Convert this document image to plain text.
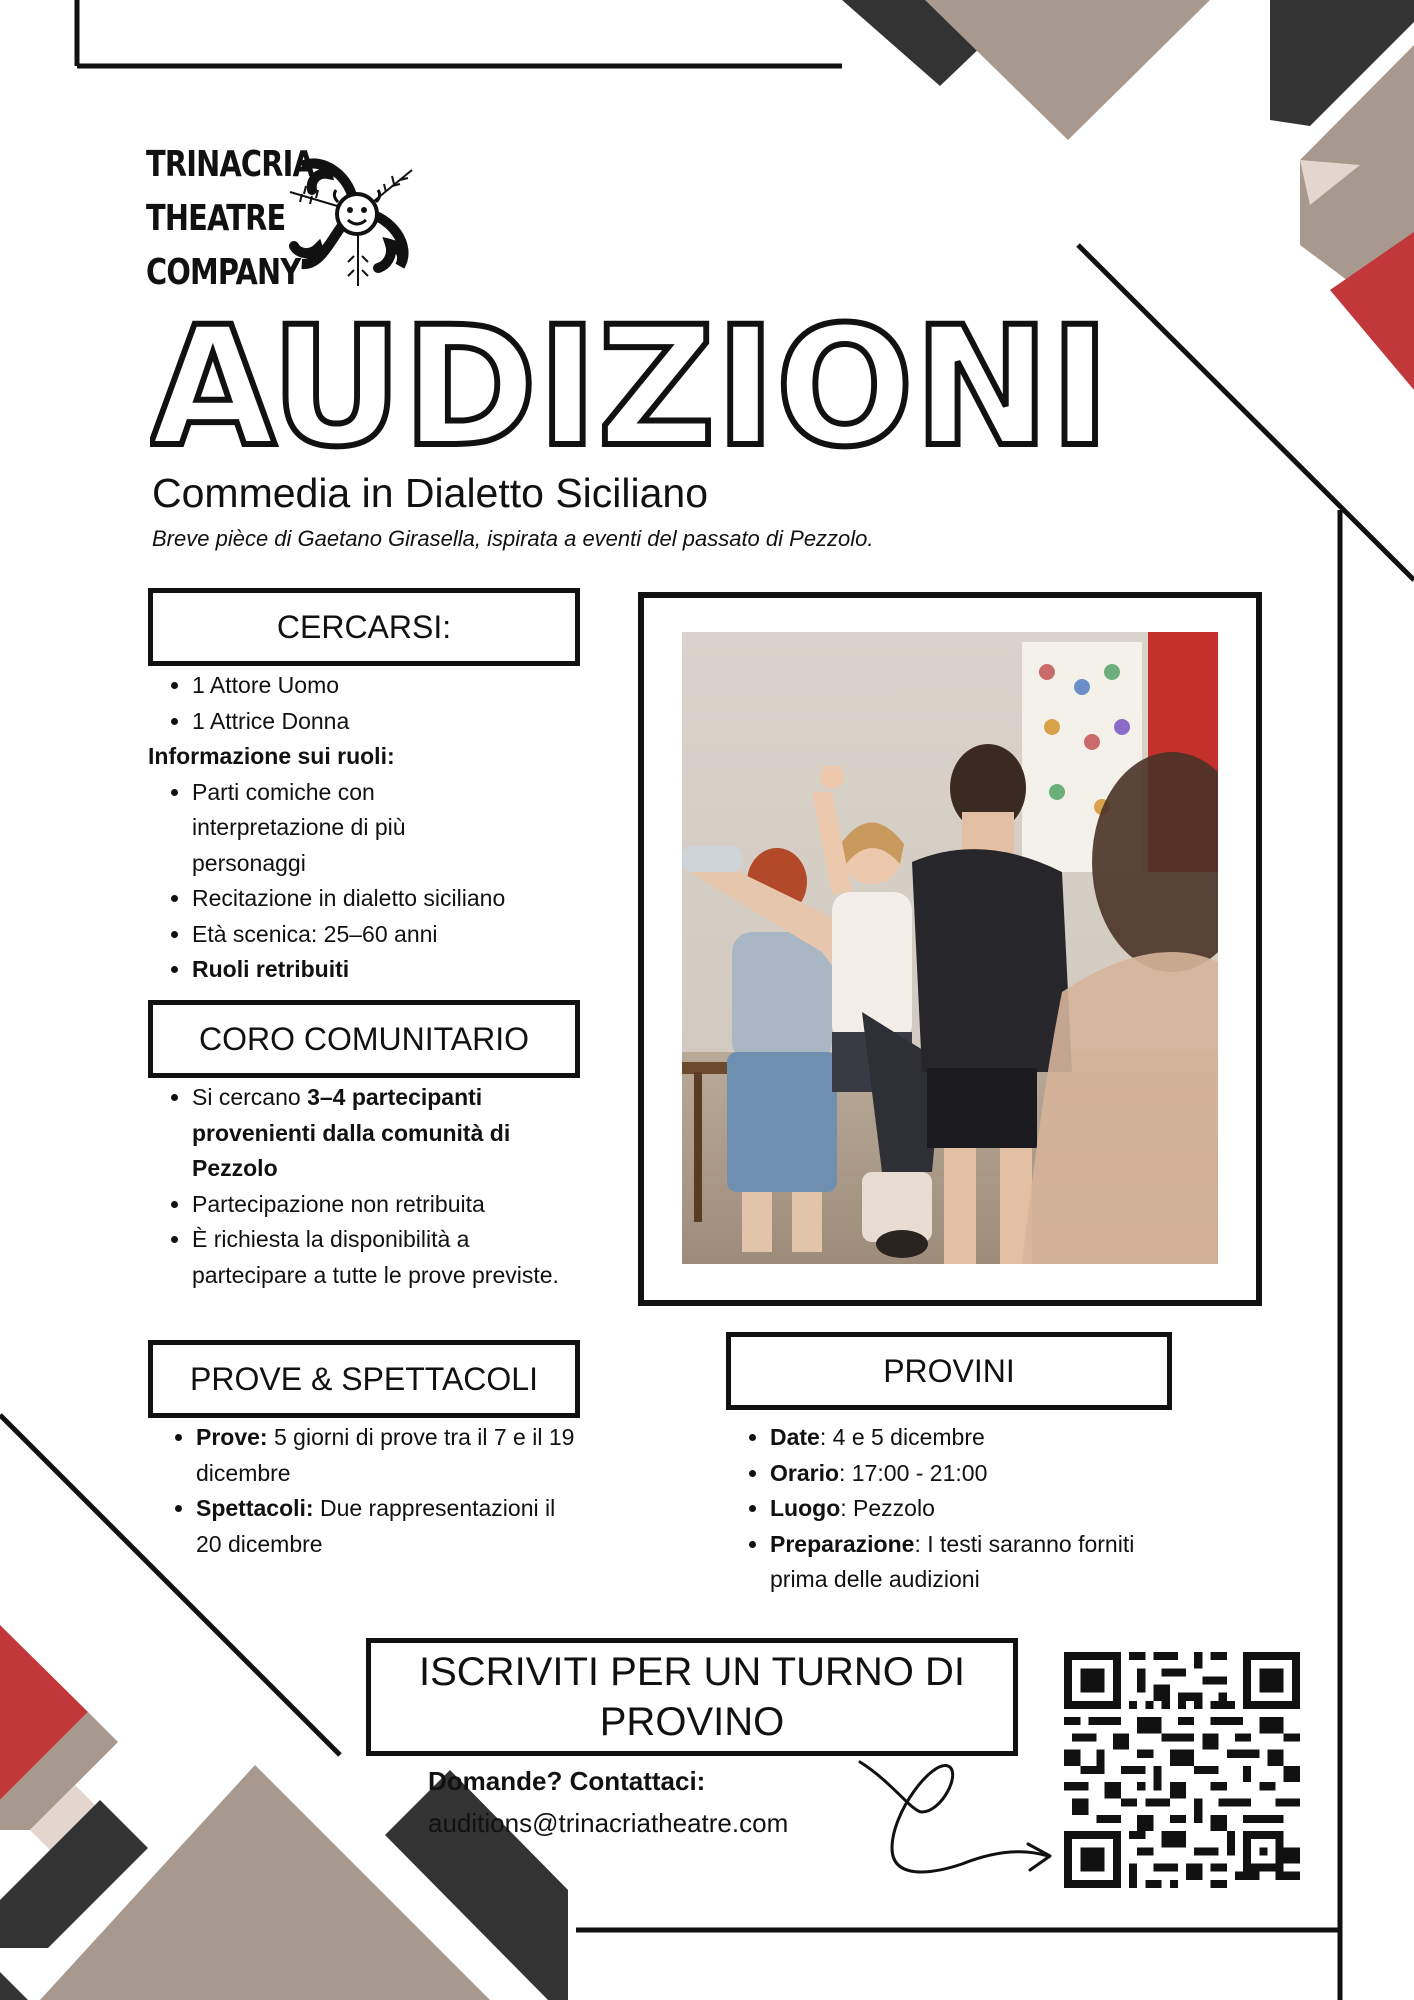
TRINACRIA
THEATRE
COMPANY
AUDIZIONI
Commedia in Dialetto Siciliano
Breve pièce di Gaetano Girasella, ispirata a eventi del passato di Pezzolo.
CERCARSI:
• 1 Attore Uomo
• 1 Attrice Donna
Informazione sui ruoli:
• Parti comiche con interpretazione di più personaggi
• Recitazione in dialetto siciliano
• Età scenica: 25–60 anni
• Ruoli retribuiti
CORO COMUNITARIO
• Si cercano 3–4 partecipanti provenienti dalla comunità di Pezzolo
• Partecipazione non retribuita
• È richiesta la disponibilità a partecipare a tutte le prove previste.
PROVE & SPETTACOLI
• Prove: 5 giorni di prove tra il 7 e il 19 dicembre
• Spettacoli: Due rappresentazioni il 20 dicembre
PROVINI
• Date: 4 e 5 dicembre
• Orario: 17:00 - 21:00
• Luogo: Pezzolo
• Preparazione: I testi saranno forniti prima delle audizioni
ISCRIVITI PER UN TURNO DI
PROVINO
Domande? Contattaci:
auditions@trinacriatheatre.com
